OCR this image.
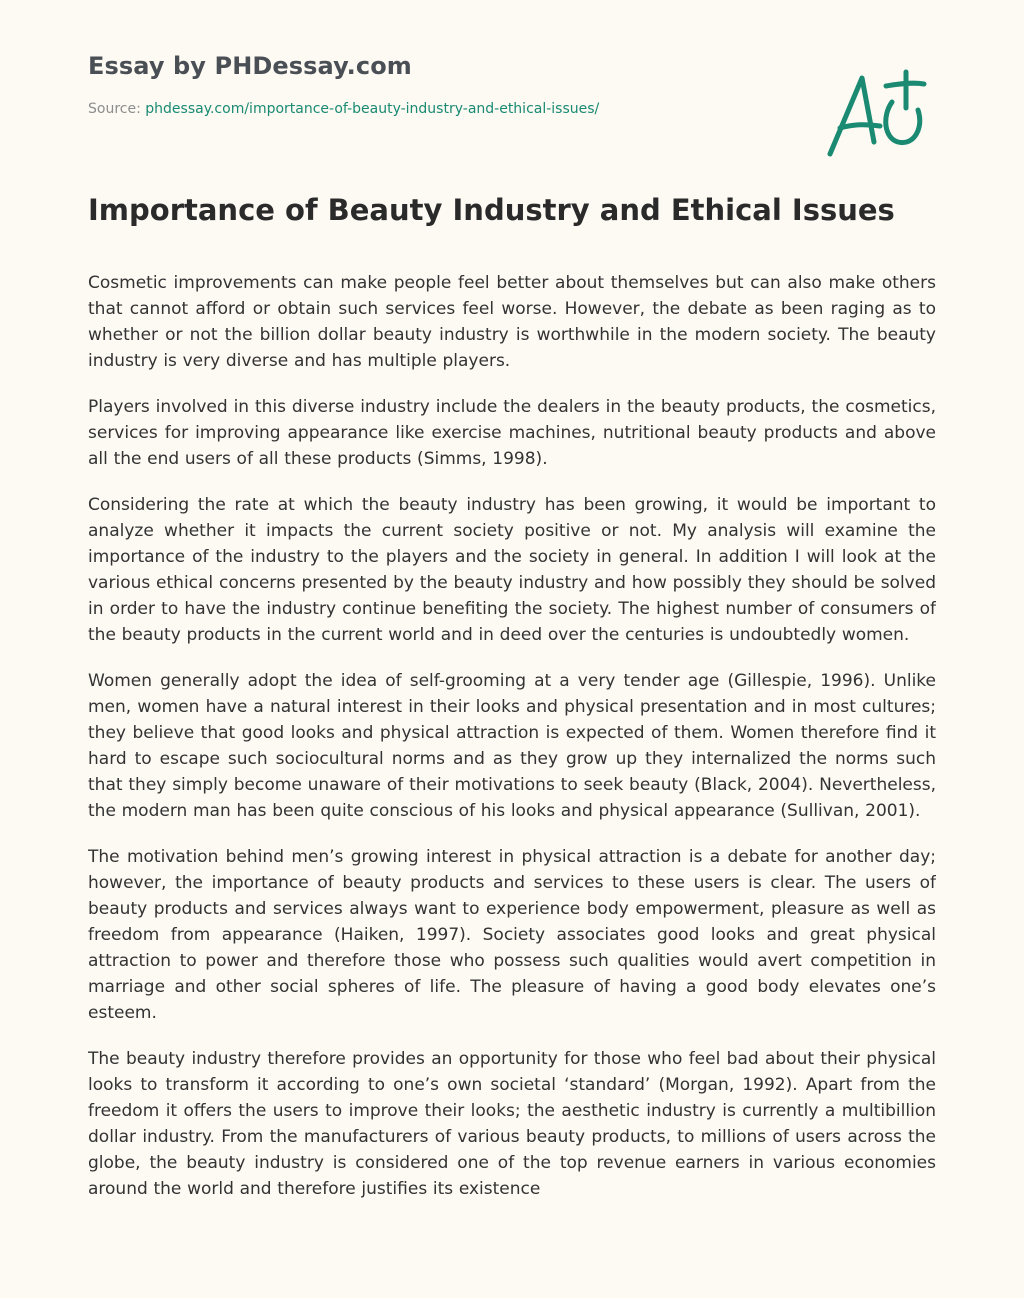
Essay by PHDessay.com
Source: phdessay.com/importance-of-beauty-industry-and-ethical-issues/
Importance of Beauty Industry and Ethical Issues

Cosmetic improvements can make people feel better about themselves but can also make others that cannot afford or obtain such services feel worse. However, the debate as been raging as to whether or not the billion dollar beauty industry is worthwhile in the modern society. The beauty industry is very diverse and has multiple players.

Players involved in this diverse industry include the dealers in the beauty products, the cosmetics, services for improving appearance like exercise machines, nutritional beauty products and above all the end users of all these products (Simms, 1998).

Considering the rate at which the beauty industry has been growing, it would be important to analyze whether it impacts the current society positive or not. My analysis will examine the importance of the industry to the players and the society in general. In addition I will look at the various ethical concerns presented by the beauty industry and how possibly they should be solved in order to have the industry continue benefiting the society. The highest number of consumers of the beauty products in the current world and in deed over the centuries is undoubtedly women.

Women generally adopt the idea of self-grooming at a very tender age (Gillespie, 1996). Unlike men, women have a natural interest in their looks and physical presentation and in most cultures; they believe that good looks and physical attraction is expected of them. Women therefore find it hard to escape such sociocultural norms and as they grow up they internalized the norms such that they simply become unaware of their motivations to seek beauty (Black, 2004). Nevertheless, the modern man has been quite conscious of his looks and physical appearance (Sullivan, 2001).

The motivation behind men’s growing interest in physical attraction is a debate for another day; however, the importance of beauty products and services to these users is clear. The users of beauty products and services always want to experience body empowerment, pleasure as well as freedom from appearance (Haiken, 1997). Society associates good looks and great physical attraction to power and therefore those who possess such qualities would avert competition in marriage and other social spheres of life. The pleasure of having a good body elevates one’s esteem.

The beauty industry therefore provides an opportunity for those who feel bad about their physical looks to transform it according to one’s own societal ‘standard’ (Morgan, 1992). Apart from the freedom it offers the users to improve their looks; the aesthetic industry is currently a multibillion dollar industry. From the manufacturers of various beauty products, to millions of users across the globe, the beauty industry is considered one of the top revenue earners in various economies around the world and therefore justifies its existence
